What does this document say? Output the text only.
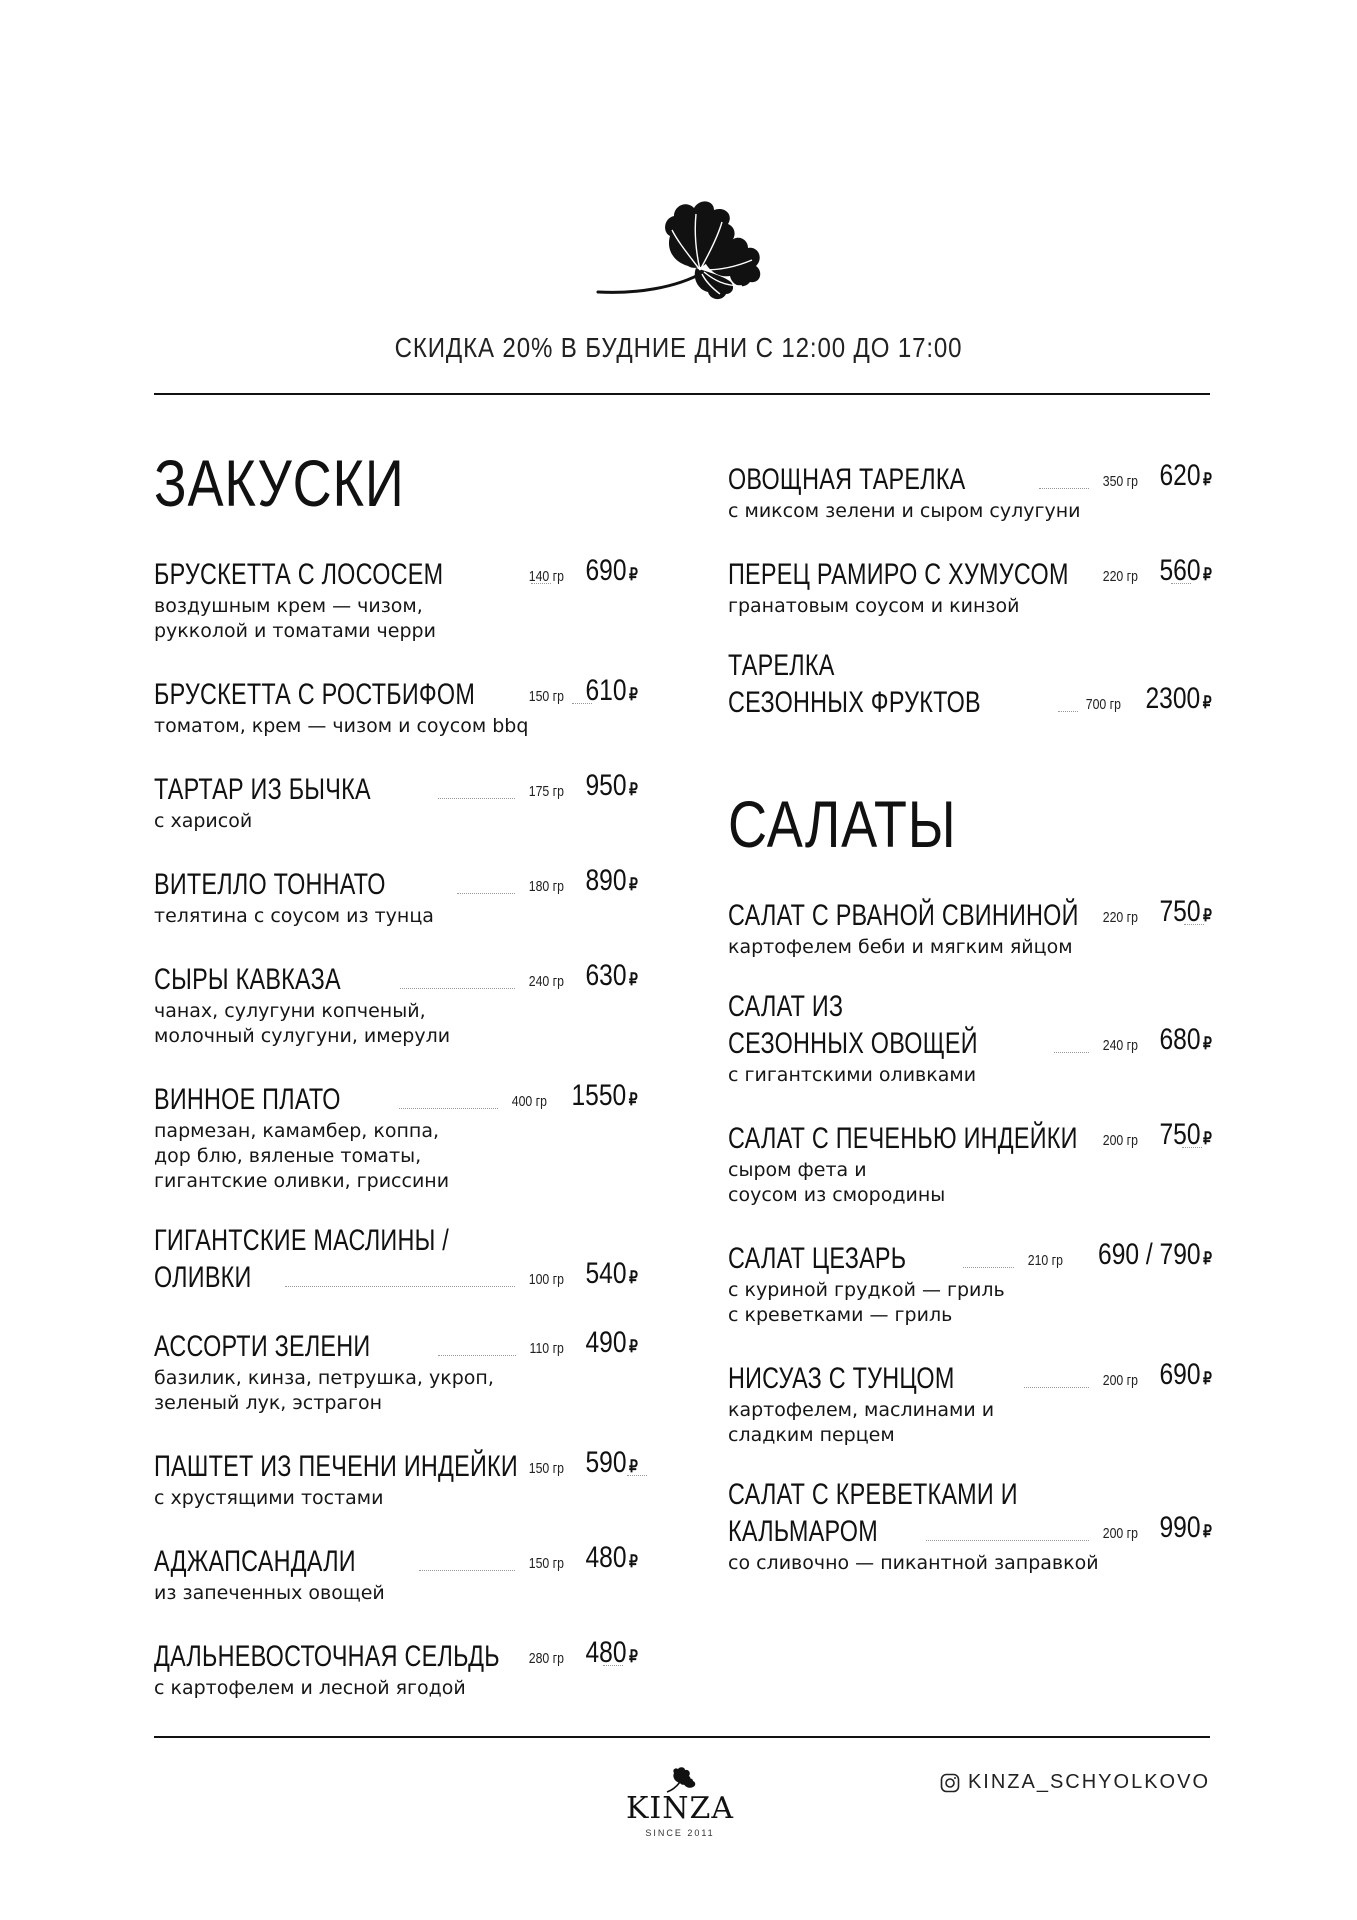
СКИДКА 20% В БУДНИЕ ДНИ С 12:00 ДО 17:00
ЗАКУСКИ
БРУСКЕТТА С ЛОСОСЕМ	140 гр 690 ₽
воздушным крем — чизом,
рукколой и томатами черри
БРУСКЕТТА С РОСТБИФОМ	150 гр 610 ₽
томатом, крем — чизом и соусом bbq
ТАРТАР ИЗ БЫЧКА	175 гр 950 ₽
с харисой
ВИТЕЛЛО ТОННАТО	180 гр 890 ₽
телятина с соусом из тунца
СЫРЫ КАВКАЗА	240 гр 630 ₽
чанах, сулугуни копченый,
молочный сулугуни, имерули
ВИННОЕ ПЛАТО	400 гр 1550 ₽
пармезан, камамбер, коппа,
дор блю, вяленые томаты,
гигантские оливки, гриссини
ГИГАНТСКИЕ МАСЛИНЫ /
ОЛИВКИ	100 гр 540 ₽
АССОРТИ ЗЕЛЕНИ	110 гр 490 ₽
базилик, кинза, петрушка, укроп,
зеленый лук, эстрагон
ПАШТЕТ ИЗ ПЕЧЕНИ ИНДЕЙКИ 150 гр 590 ₽
с хрустящими тостами
АДЖАПСАНДАЛИ	150 гр 480 ₽
из запеченных овощей
ДАЛЬНЕВОСТОЧНАЯ СЕЛЬДЬ	280 гр 480 ₽
с картофелем и лесной ягодой
ОВОЩНАЯ ТАРЕЛКА	350 гр 620 ₽
с миксом зелени и сыром сулугуни
ПЕРЕЦ РАМИРО С ХУМУСОМ	220 гр 560 ₽
гранатовым соусом и кинзой
ТАРЕЛКА
СЕЗОННЫХ ФРУКТОВ	700 гр 2300 ₽
САЛАТЫ
САЛАТ С РВАНОЙ СВИНИНОЙ	220 гр 750 ₽
картофелем беби и мягким яйцом
САЛАТ ИЗ
СЕЗОННЫХ ОВОЩЕЙ	240 гр 680 ₽
с гигантскими оливками
САЛАТ С ПЕЧЕНЬЮ ИНДЕЙКИ	200 гр 750 ₽
сыром фета и
соусом из смородины
САЛАТ ЦЕЗАРЬ	210 гр 690 / 790 ₽
с куриной грудкой — гриль
с креветками — гриль
НИСУАЗ С ТУНЦОМ	200 гр 690 ₽
картофелем, маслинами и
сладким перцем
САЛАТ С КРЕВЕТКАМИ И
КАЛЬМАРОМ	200 гр 990 ₽
со сливочно — пикантной заправкой
KINZA
SINCE 2011
KINZA_SCHYOLKOVO
